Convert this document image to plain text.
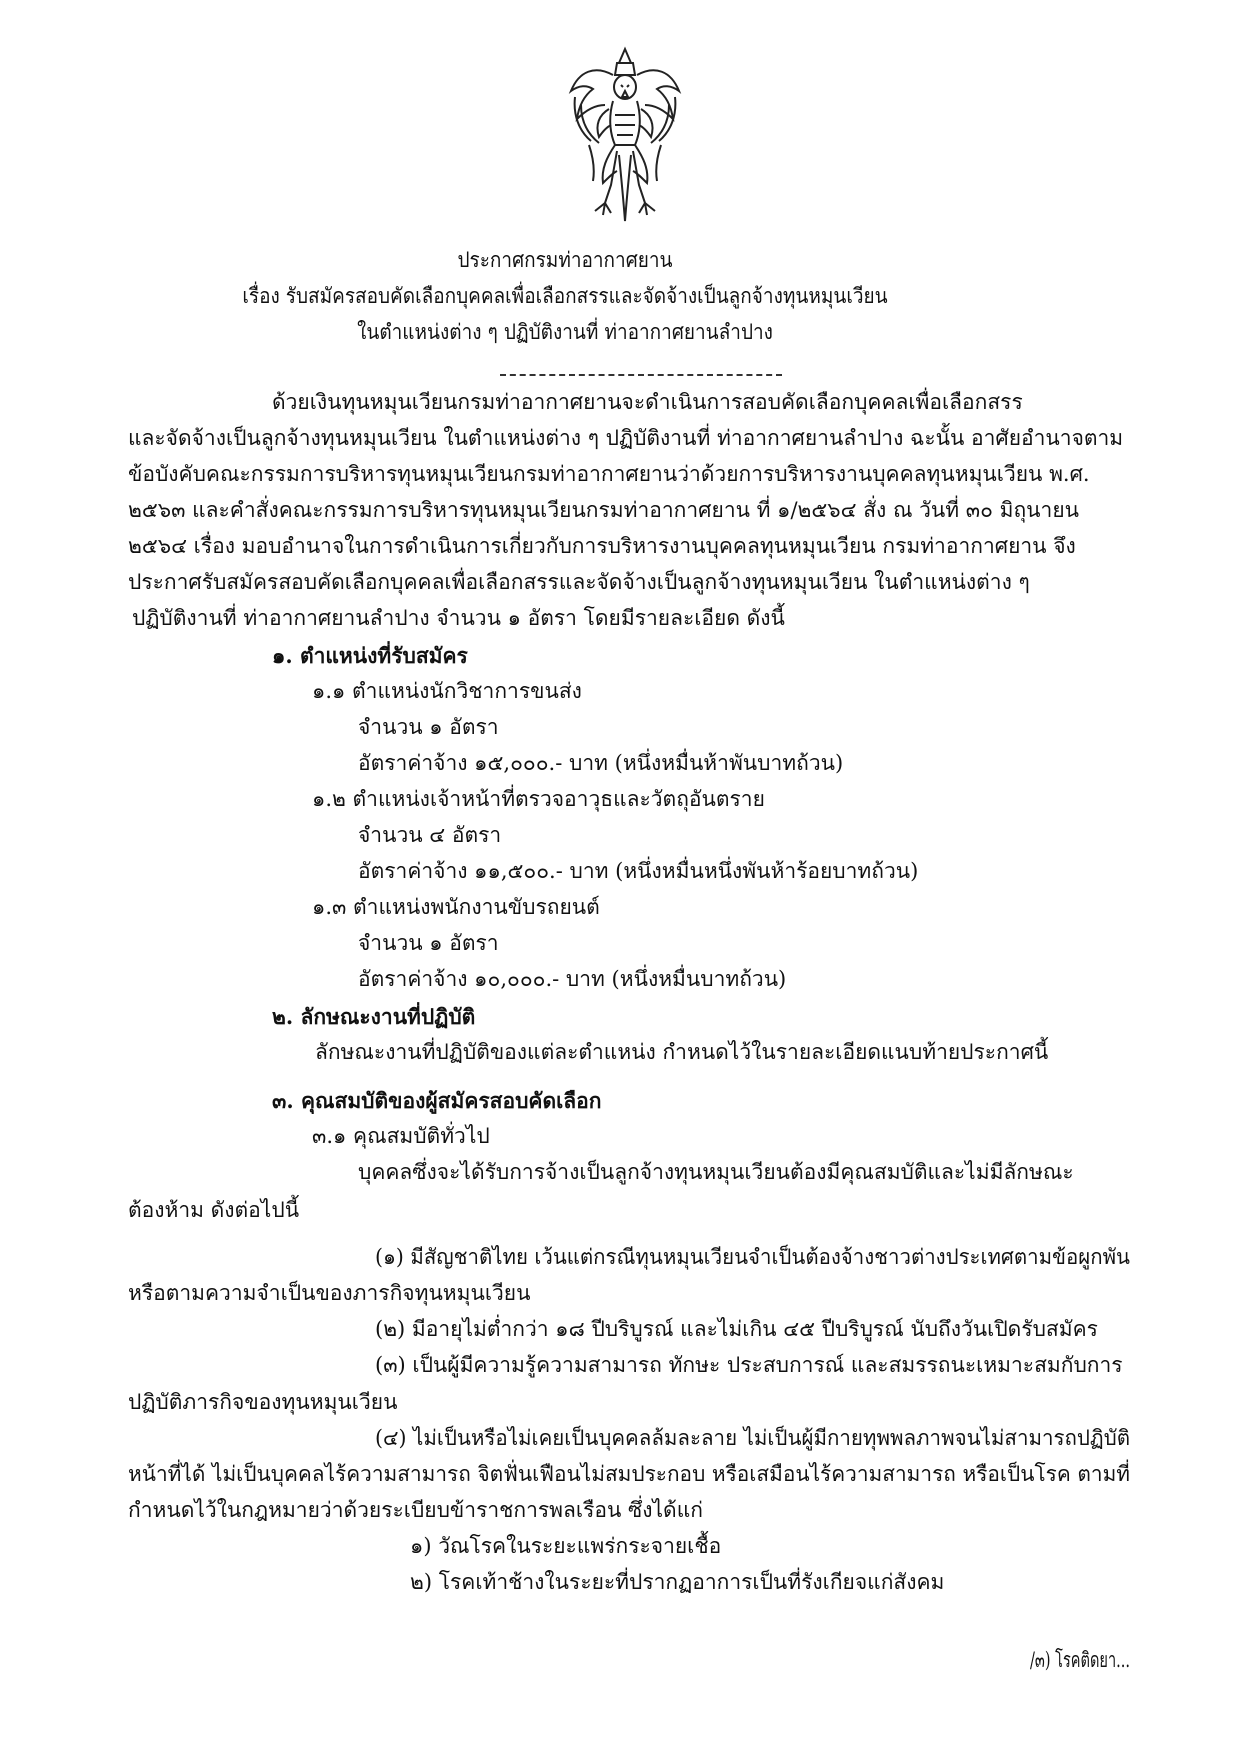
ประกาศกรมท่าอากาศยาน
เรื่อง รับสมัครสอบคัดเลือกบุคคลเพื่อเลือกสรรและจัดจ้างเป็นลูกจ้างทุนหมุนเวียน
ในตำแหน่งต่าง ๆ ปฏิบัติงานที่ ท่าอากาศยานลำปาง
ด้วยเงินทุนหมุนเวียนกรมท่าอากาศยานจะดำเนินการสอบคัดเลือกบุคคลเพื่อเลือกสรร
และจัดจ้างเป็นลูกจ้างทุนหมุนเวียน ในตำแหน่งต่าง ๆ ปฏิบัติงานที่ ท่าอากาศยานลำปาง ฉะนั้น อาศัยอำนาจตาม
ข้อบังคับคณะกรรมการบริหารทุนหมุนเวียนกรมท่าอากาศยานว่าด้วยการบริหารงานบุคคลทุนหมุนเวียน พ.ศ.
๒๕๖๓ และคำสั่งคณะกรรมการบริหารทุนหมุนเวียนกรมท่าอากาศยาน ที่ ๑/๒๕๖๔ สั่ง ณ วันที่ ๓๐ มิถุนายน
๒๕๖๔ เรื่อง มอบอำนาจในการดำเนินการเกี่ยวกับการบริหารงานบุคคลทุนหมุนเวียน กรมท่าอากาศยาน จึง
ประกาศรับสมัครสอบคัดเลือกบุคคลเพื่อเลือกสรรและจัดจ้างเป็นลูกจ้างทุนหมุนเวียน ในตำแหน่งต่าง ๆ
ปฏิบัติงานที่ ท่าอากาศยานลำปาง จำนวน ๑ อัตรา โดยมีรายละเอียด ดังนี้
๑. ตำแหน่งที่รับสมัคร
๑.๑ ตำแหน่งนักวิชาการขนส่ง
จำนวน ๑ อัตรา
อัตราค่าจ้าง ๑๕,๐๐๐.- บาท (หนึ่งหมื่นห้าพันบาทถ้วน)
๑.๒ ตำแหน่งเจ้าหน้าที่ตรวจอาวุธและวัตถุอันตราย
จำนวน ๔ อัตรา
อัตราค่าจ้าง ๑๑,๕๐๐.- บาท (หนึ่งหมื่นหนึ่งพันห้าร้อยบาทถ้วน)
๑.๓ ตำแหน่งพนักงานขับรถยนต์
จำนวน ๑ อัตรา
อัตราค่าจ้าง ๑๐,๐๐๐.- บาท (หนึ่งหมื่นบาทถ้วน)
๒. ลักษณะงานที่ปฏิบัติ
ลักษณะงานที่ปฏิบัติของแต่ละตำแหน่ง กำหนดไว้ในรายละเอียดแนบท้ายประกาศนี้
๓. คุณสมบัติของผู้สมัครสอบคัดเลือก
๓.๑ คุณสมบัติทั่วไป
บุคคลซึ่งจะได้รับการจ้างเป็นลูกจ้างทุนหมุนเวียนต้องมีคุณสมบัติและไม่มีลักษณะ
ต้องห้าม ดังต่อไปนี้
(๑) มีสัญชาติไทย เว้นแต่กรณีทุนหมุนเวียนจำเป็นต้องจ้างชาวต่างประเทศตามข้อผูกพัน
หรือตามความจำเป็นของภารกิจทุนหมุนเวียน
(๒) มีอายุไม่ต่ำกว่า ๑๘ ปีบริบูรณ์ และไม่เกิน ๔๕ ปีบริบูรณ์ นับถึงวันเปิดรับสมัคร
(๓) เป็นผู้มีความรู้ความสามารถ ทักษะ ประสบการณ์ และสมรรถนะเหมาะสมกับการ
ปฏิบัติภารกิจของทุนหมุนเวียน
(๔) ไม่เป็นหรือไม่เคยเป็นบุคคลล้มละลาย ไม่เป็นผู้มีกายทุพพลภาพจนไม่สามารถปฏิบัติ
หน้าที่ได้ ไม่เป็นบุคคลไร้ความสามารถ จิตฟั่นเฟือนไม่สมประกอบ หรือเสมือนไร้ความสามารถ หรือเป็นโรค ตามที่
กำหนดไว้ในกฎหมายว่าด้วยระเบียบข้าราชการพลเรือน ซึ่งได้แก่
๑) วัณโรคในระยะแพร่กระจายเชื้อ
๒) โรคเท้าช้างในระยะที่ปรากฏอาการเป็นที่รังเกียจแก่สังคม
/๓) โรคติดยา...
